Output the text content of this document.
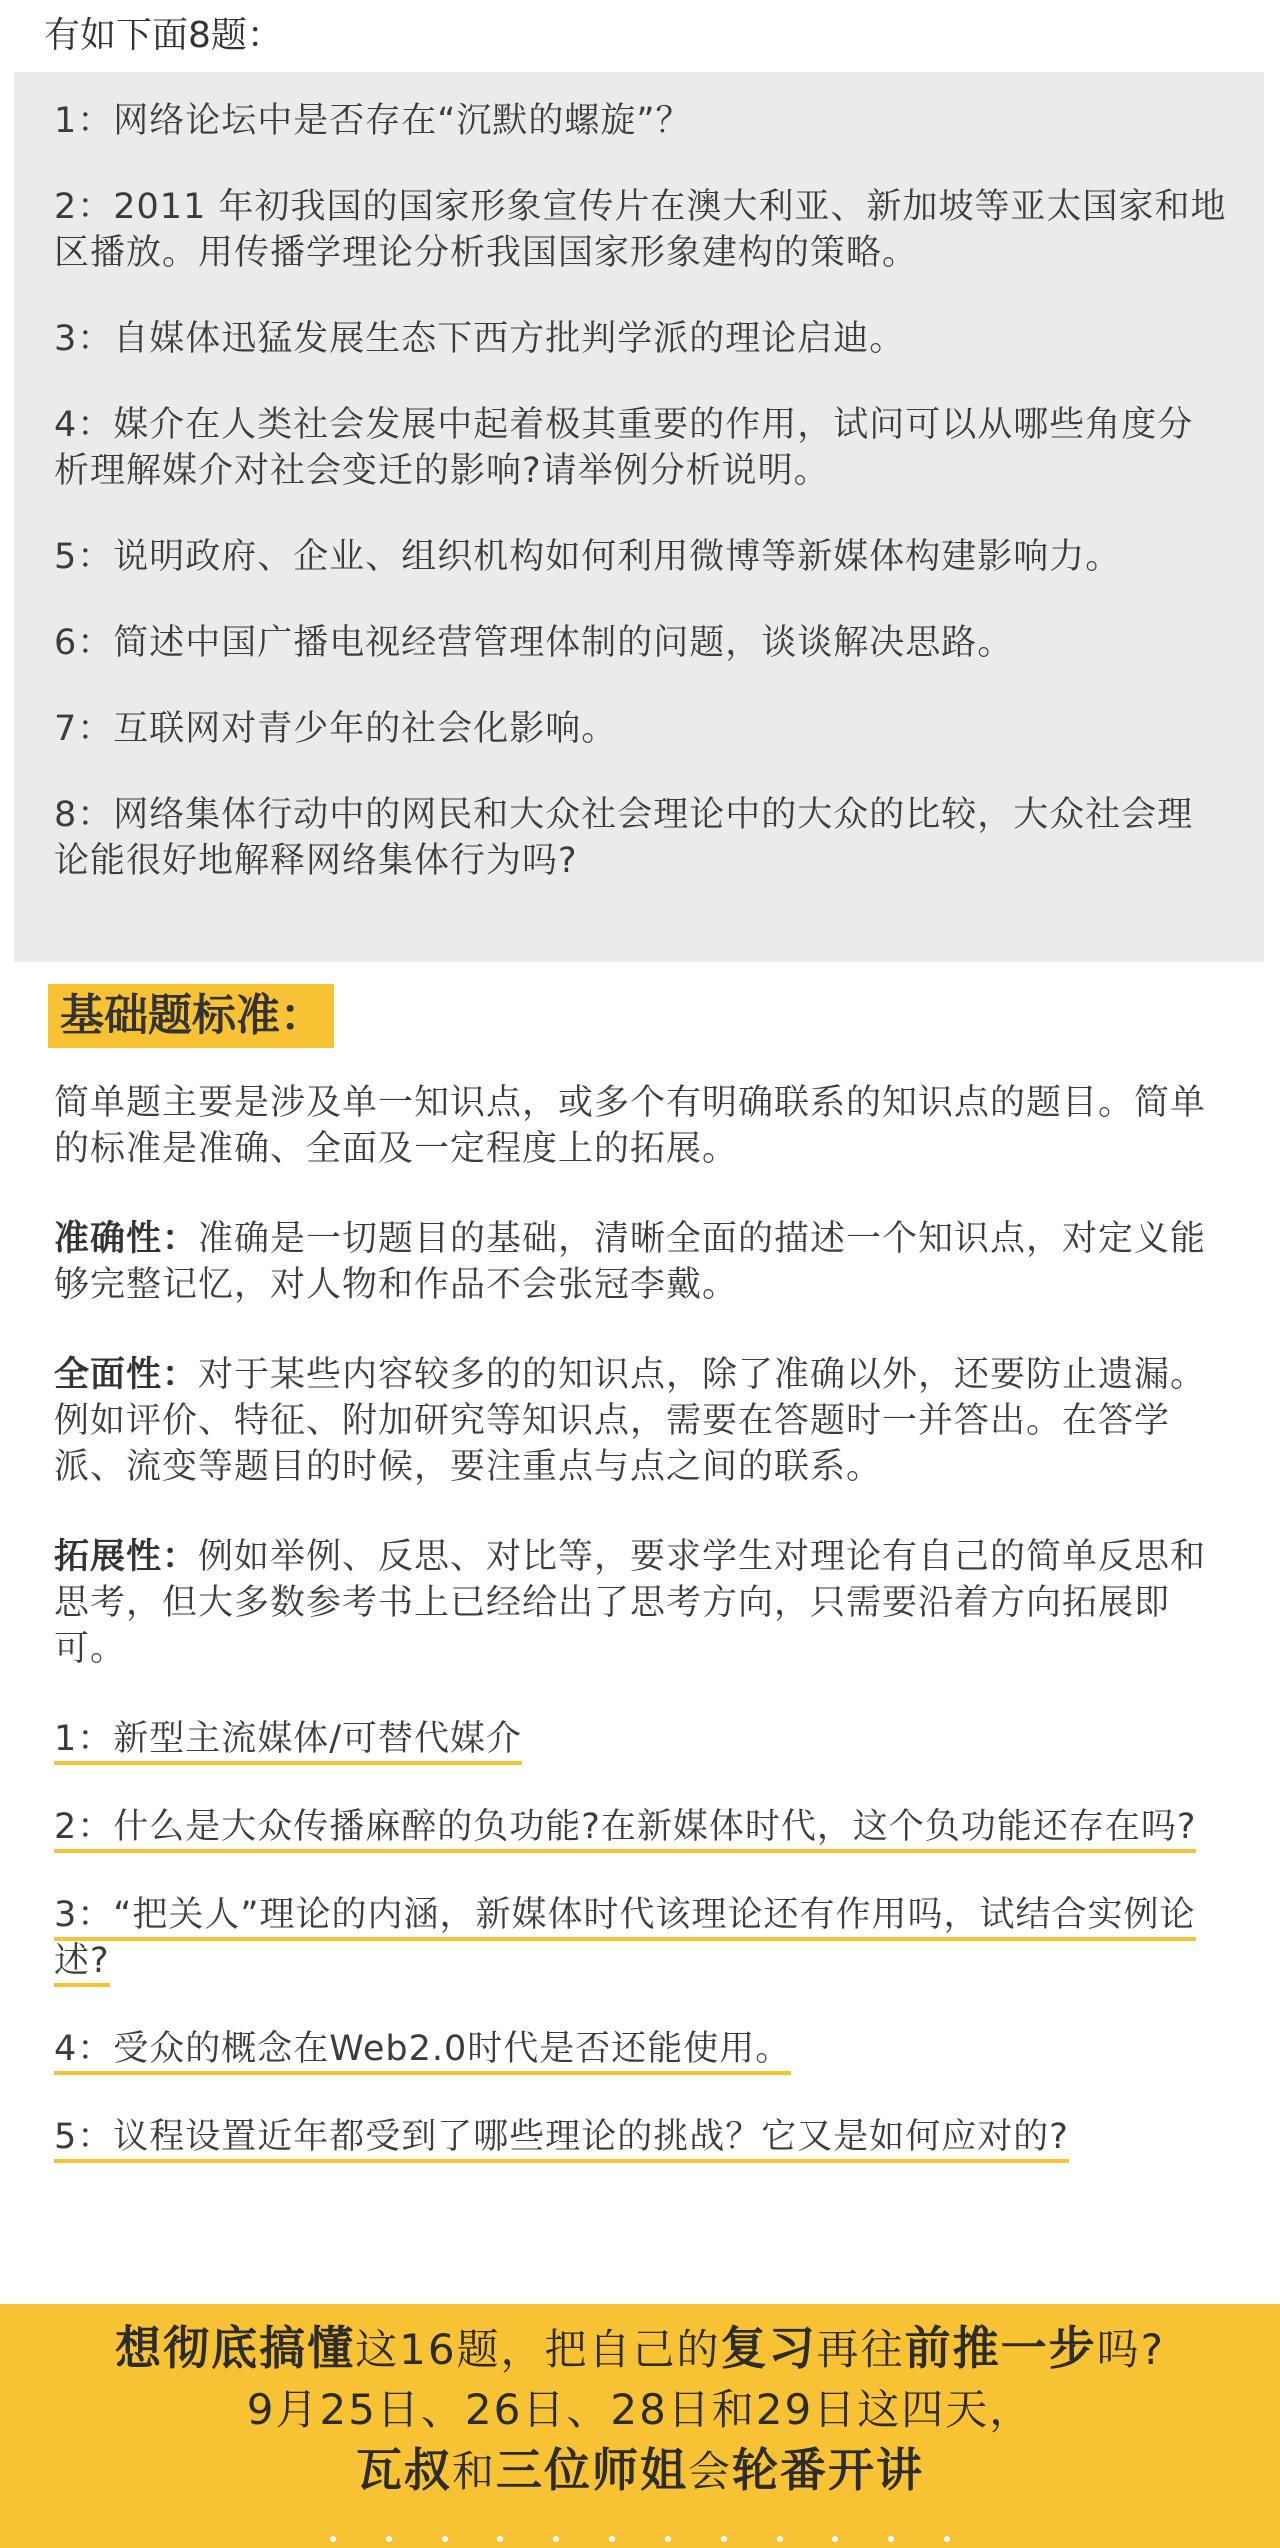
有如下面8题：

1：网络论坛中是否存在“沉默的螺旋”？

2：2011 年初我国的国家形象宣传片在澳大利亚、新加坡等亚太国家和地区播放。用传播学理论分析我国国家形象建构的策略。

3：自媒体迅猛发展生态下西方批判学派的理论启迪。

4：媒介在人类社会发展中起着极其重要的作用，试问可以从哪些角度分析理解媒介对社会变迁的影响?请举例分析说明。

5：说明政府、企业、组织机构如何利用微博等新媒体构建影响力。

6：简述中国广播电视经营管理体制的问题，谈谈解决思路。

7：互联网对青少年的社会化影响。

8：网络集体行动中的网民和大众社会理论中的大众的比较，大众社会理论能很好地解释网络集体行为吗?

基础题标准：

简单题主要是涉及单一知识点，或多个有明确联系的知识点的题目。简单的标准是准确、全面及一定程度上的拓展。

准确性：准确是一切题目的基础，清晰全面的描述一个知识点，对定义能够完整记忆，对人物和作品不会张冠李戴。

全面性：对于某些内容较多的的知识点，除了准确以外，还要防止遗漏。例如评价、特征、附加研究等知识点，需要在答题时一并答出。在答学派、流变等题目的时候，要注重点与点之间的联系。

拓展性：例如举例、反思、对比等，要求学生对理论有自己的简单反思和思考，但大多数参考书上已经给出了思考方向，只需要沿着方向拓展即可。

1：新型主流媒体/可替代媒介

2：什么是大众传播麻醉的负功能?在新媒体时代，这个负功能还存在吗?

3：“把关人”理论的内涵，新媒体时代该理论还有作用吗，试结合实例论述?

4：受众的概念在Web2.0时代是否还能使用。

5：议程设置近年都受到了哪些理论的挑战？它又是如何应对的?

想彻底搞懂这16题，把自己的复习再往前推一步吗?
9月25日、26日、28日和29日这四天，
瓦叔和三位师姐会轮番开讲
